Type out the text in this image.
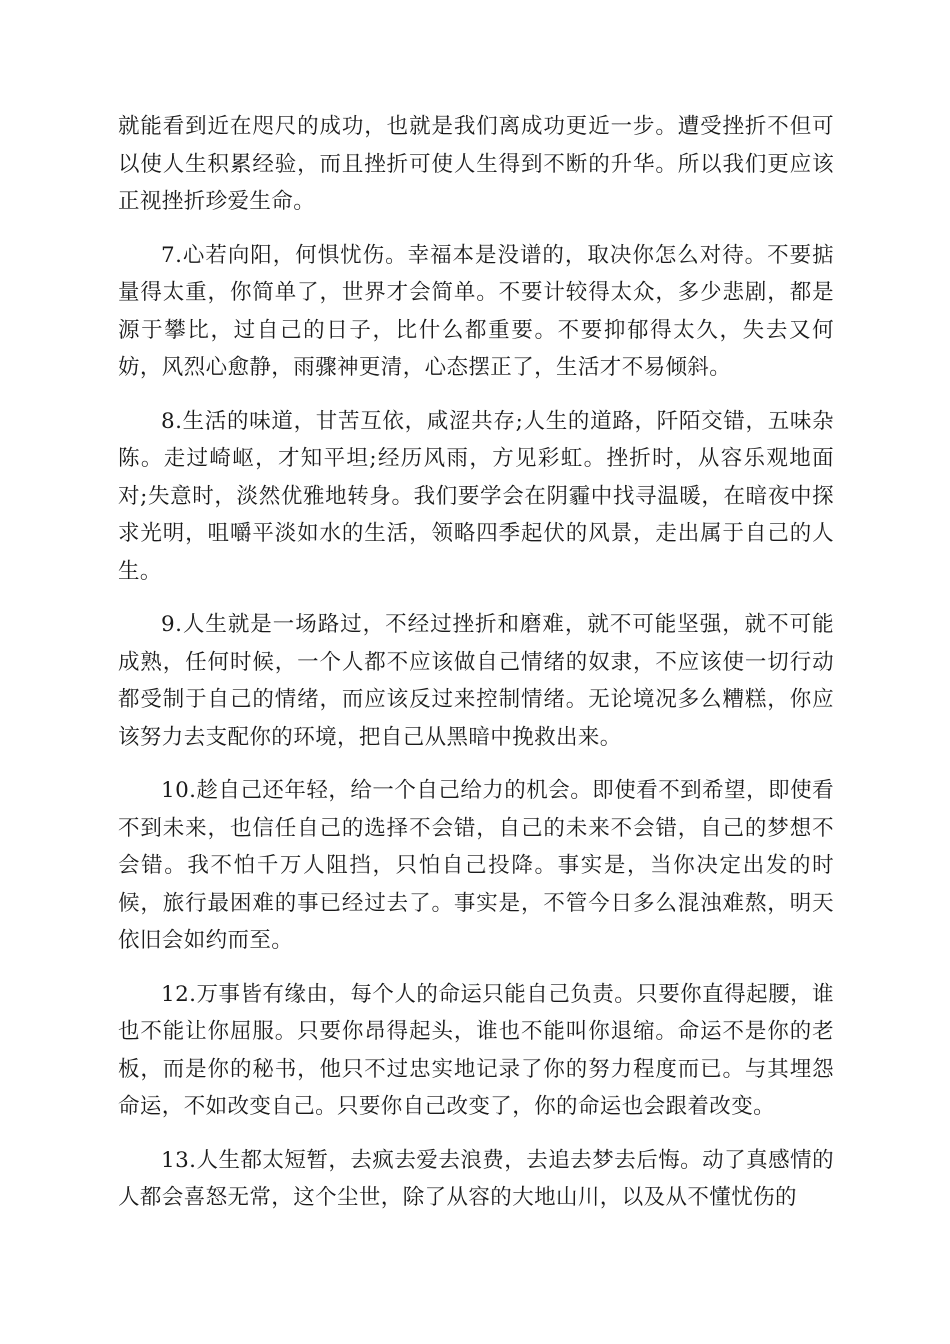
就能看到近在咫尺的成功，也就是我们离成功更近一步。遭受挫折不但可以使人生积累经验，而且挫折可使人生得到不断的升华。所以我们更应该正视挫折珍爱生命。

7.心若向阳，何惧忧伤。幸福本是没谱的，取决你怎么对待。不要掂量得太重，你简单了，世界才会简单。不要计较得太众，多少悲剧，都是源于攀比，过自己的日子，比什么都重要。不要抑郁得太久，失去又何妨，风烈心愈静，雨骤神更清，心态摆正了，生活才不易倾斜。

8.生活的味道，甘苦互依，咸涩共存;人生的道路，阡陌交错，五味杂陈。走过崎岖，才知平坦;经历风雨，方见彩虹。挫折时，从容乐观地面对;失意时，淡然优雅地转身。我们要学会在阴霾中找寻温暖，在暗夜中探求光明，咀嚼平淡如水的生活，领略四季起伏的风景，走出属于自己的人生。

9.人生就是一场路过，不经过挫折和磨难，就不可能坚强，就不可能成熟，任何时候，一个人都不应该做自己情绪的奴隶，不应该使一切行动都受制于自己的情绪，而应该反过来控制情绪。无论境况多么糟糕，你应该努力去支配你的环境，把自己从黑暗中挽救出来。

10.趁自己还年轻，给一个自己给力的机会。即使看不到希望，即使看不到未来，也信任自己的选择不会错，自己的未来不会错，自己的梦想不会错。我不怕千万人阻挡，只怕自己投降。事实是，当你决定出发的时候，旅行最困难的事已经过去了。事实是，不管今日多么混浊难熬，明天依旧会如约而至。

12.万事皆有缘由，每个人的命运只能自己负责。只要你直得起腰，谁也不能让你屈服。只要你昂得起头，谁也不能叫你退缩。命运不是你的老板，而是你的秘书，他只不过忠实地记录了你的努力程度而已。与其埋怨命运，不如改变自己。只要你自己改变了，你的命运也会跟着改变。

13.人生都太短暂，去疯去爱去浪费，去追去梦去后悔。动了真感情的人都会喜怒无常，这个尘世，除了从容的大地山川，以及从不懂忧伤的
